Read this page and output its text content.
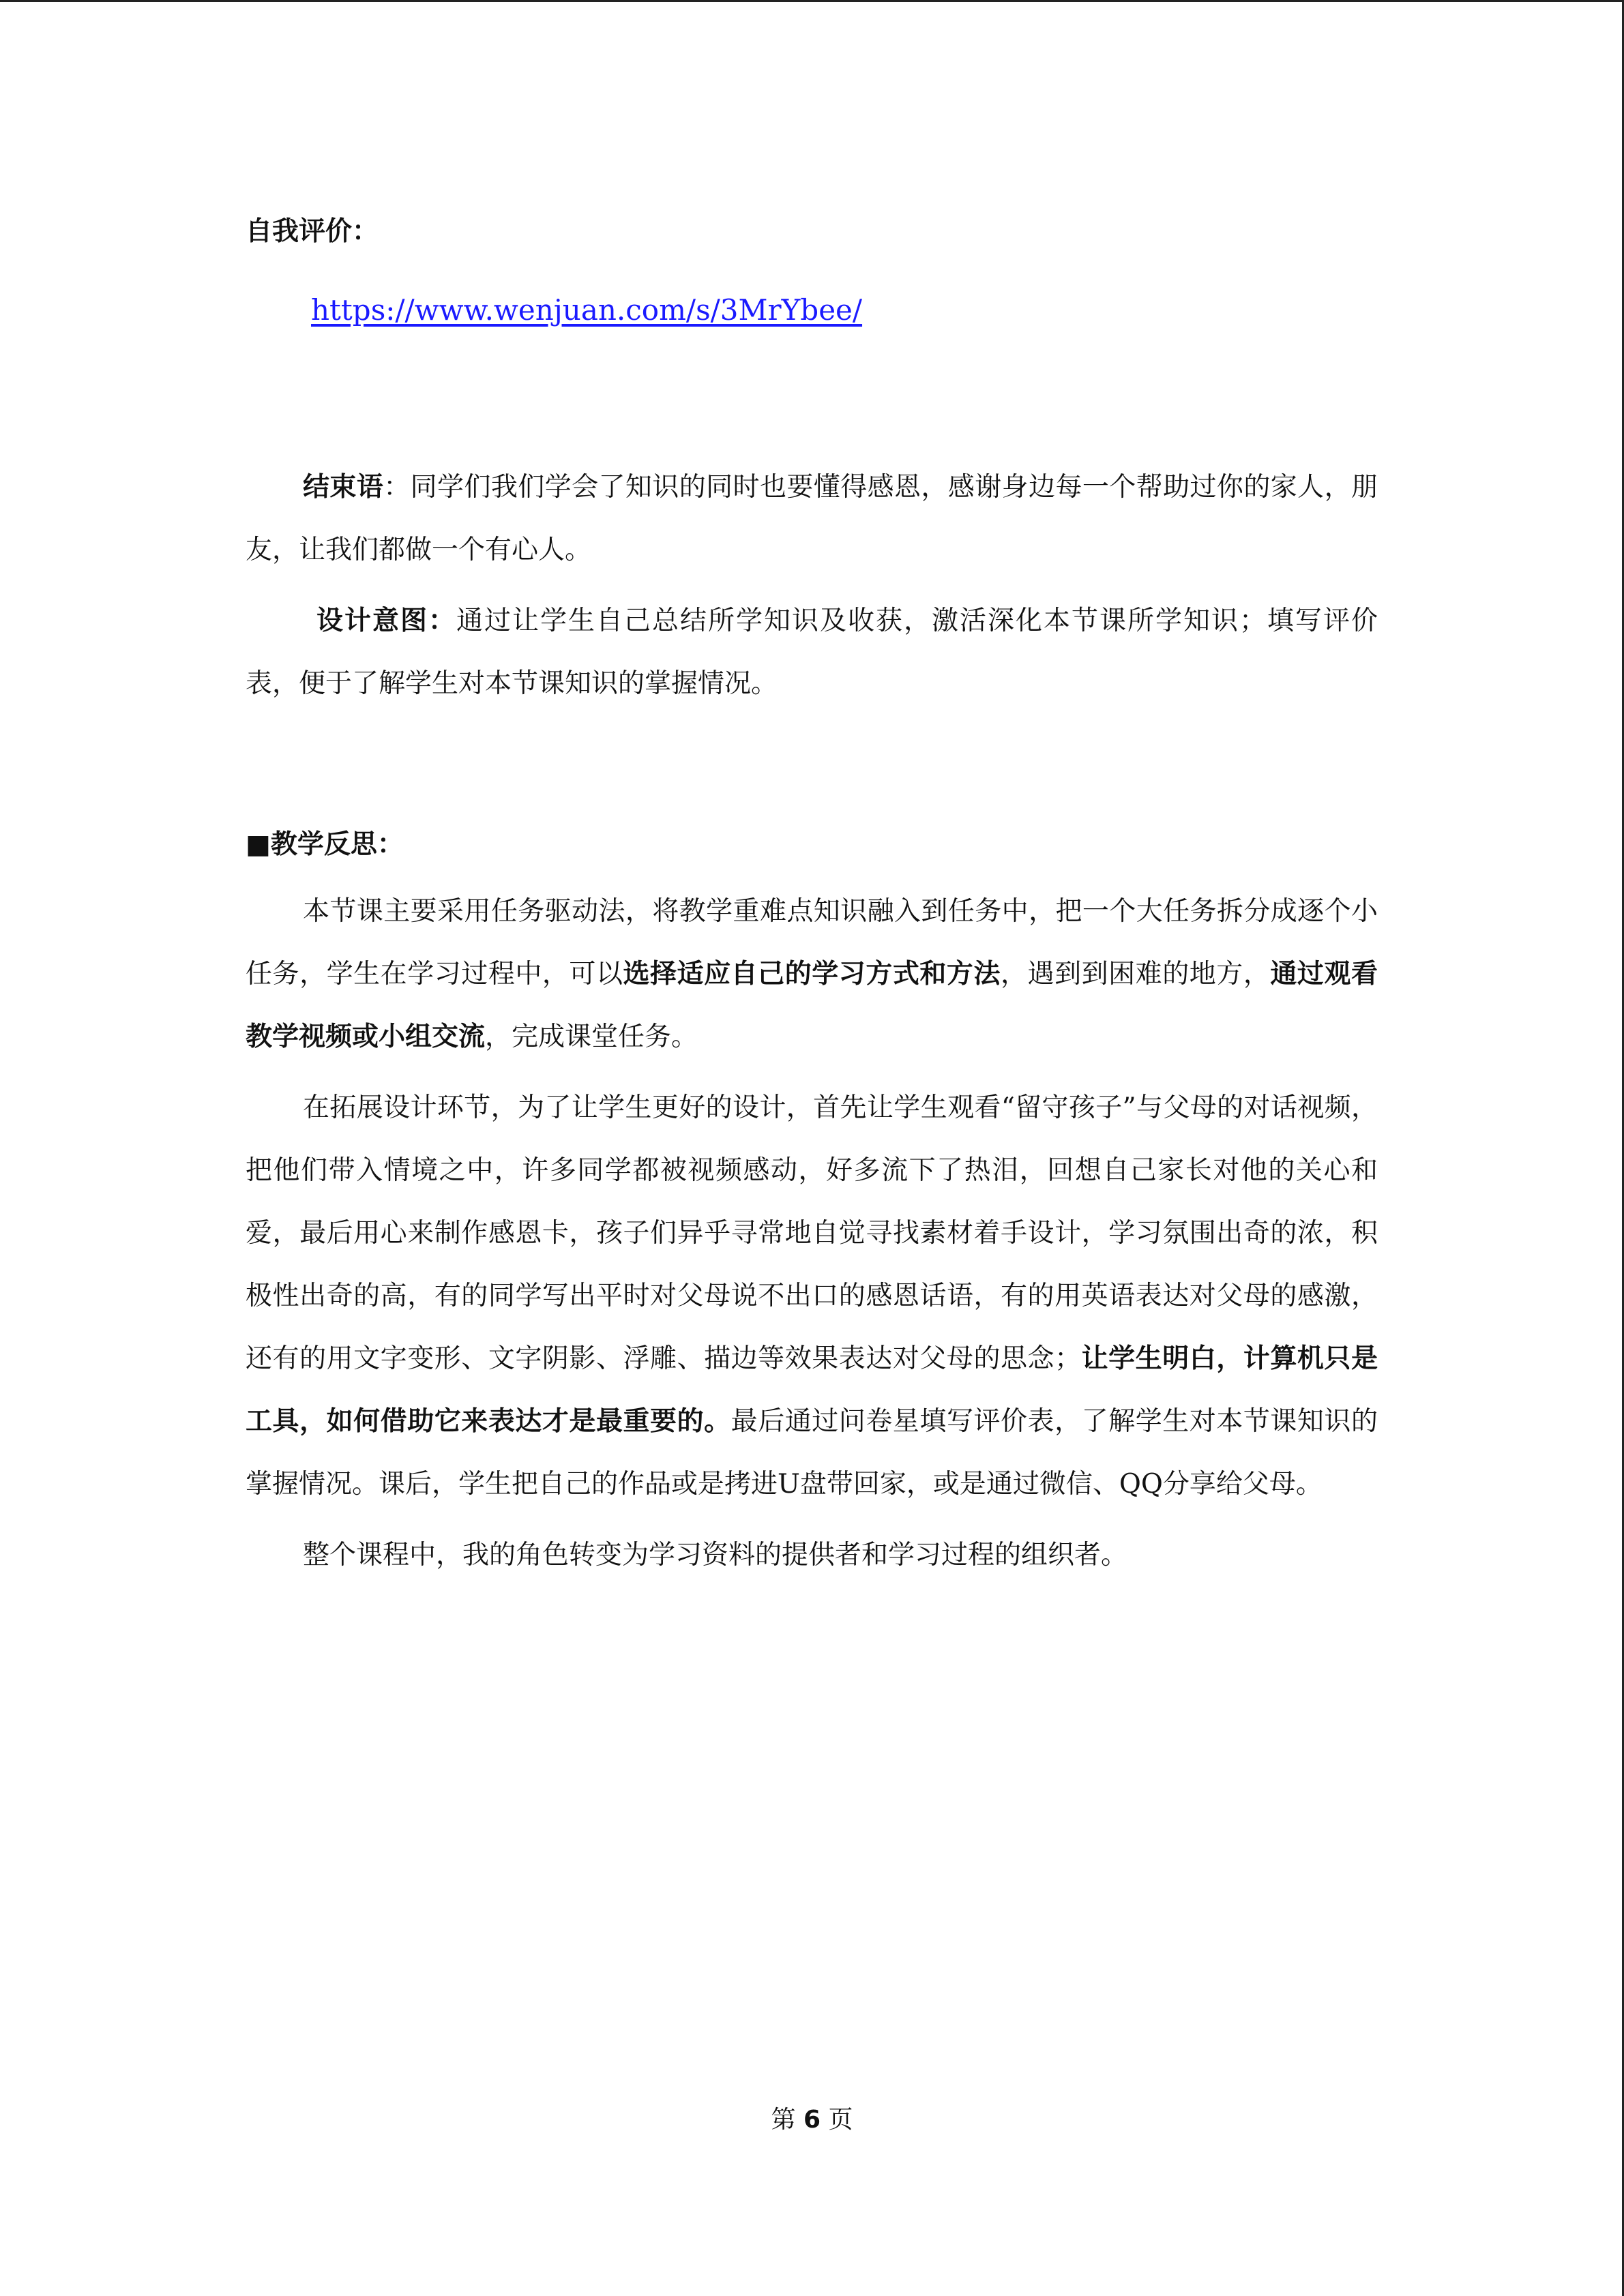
自我评价：

https://www.wenjuan.com/s/3MrYbee/

结束语：同学们我们学会了知识的同时也要懂得感恩，感谢身边每一个帮助过你的家人，朋友，让我们都做一个有心人。

设计意图：通过让学生自己总结所学知识及收获，激活深化本节课所学知识；填写评价表，便于了解学生对本节课知识的掌握情况。

■教学反思：

本节课主要采用任务驱动法，将教学重难点知识融入到任务中，把一个大任务拆分成逐个小任务，学生在学习过程中，可以选择适应自己的学习方式和方法，遇到到困难的地方，通过观看教学视频或小组交流，完成课堂任务。

在拓展设计环节，为了让学生更好的设计，首先让学生观看“留守孩子”与父母的对话视频，把他们带入情境之中，许多同学都被视频感动，好多流下了热泪，回想自己家长对他的关心和爱，最后用心来制作感恩卡，孩子们异乎寻常地自觉寻找素材着手设计，学习氛围出奇的浓，积极性出奇的高，有的同学写出平时对父母说不出口的感恩话语，有的用英语表达对父母的感激，还有的用文字变形、文字阴影、浮雕、描边等效果表达对父母的思念；让学生明白，计算机只是工具，如何借助它来表达才是最重要的。最后通过问卷星填写评价表，了解学生对本节课知识的掌握情况。课后，学生把自己的作品或是拷进U盘带回家，或是通过微信、QQ分享给父母。

整个课程中，我的角色转变为学习资料的提供者和学习过程的组织者。

第 6 页
